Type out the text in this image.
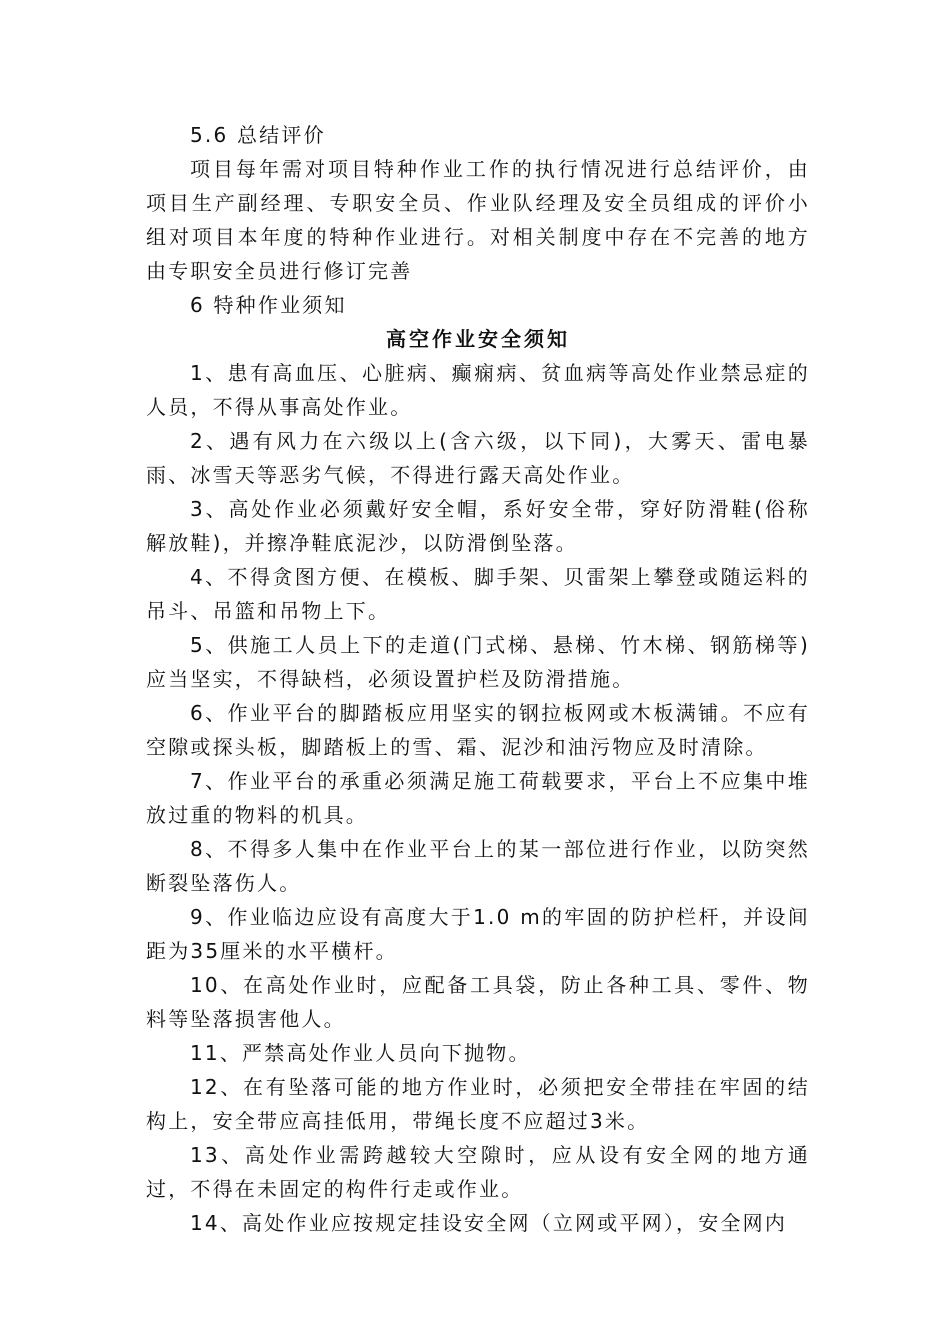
5.6 总结评价

项目每年需对项目特种作业工作的执行情况进行总结评价，由项目生产副经理、专职安全员、作业队经理及安全员组成的评价小组对项目本年度的特种作业进行。对相关制度中存在不完善的地方由专职安全员进行修订完善

6 特种作业须知

高空作业安全须知

1、患有高血压、心脏病、癫痫病、贫血病等高处作业禁忌症的人员，不得从事高处作业。

2、遇有风力在六级以上(含六级，以下同)，大雾天、雷电暴雨、冰雪天等恶劣气候，不得进行露天高处作业。

3、高处作业必须戴好安全帽，系好安全带，穿好防滑鞋(俗称解放鞋)，并擦净鞋底泥沙，以防滑倒坠落。

4、不得贪图方便、在模板、脚手架、贝雷架上攀登或随运料的吊斗、吊篮和吊物上下。

5、供施工人员上下的走道(门式梯、悬梯、竹木梯、钢筋梯等)应当坚实，不得缺档，必须设置护栏及防滑措施。

6、作业平台的脚踏板应用坚实的钢拉板网或木板满铺。不应有空隙或探头板，脚踏板上的雪、霜、泥沙和油污物应及时清除。

7、作业平台的承重必须满足施工荷载要求，平台上不应集中堆放过重的物料的机具。

8、不得多人集中在作业平台上的某一部位进行作业，以防突然断裂坠落伤人。

9、作业临边应设有高度大于1.0 m的牢固的防护栏杆，并设间距为35厘米的水平横杆。

10、在高处作业时，应配备工具袋，防止各种工具、零件、物料等坠落损害他人。

11、严禁高处作业人员向下抛物。

12、在有坠落可能的地方作业时，必须把安全带挂在牢固的结构上，安全带应高挂低用，带绳长度不应超过3米。

13、高处作业需跨越较大空隙时，应从设有安全网的地方通过，不得在未固定的构件行走或作业。

14、高处作业应按规定挂设安全网（立网或平网），安全网内
